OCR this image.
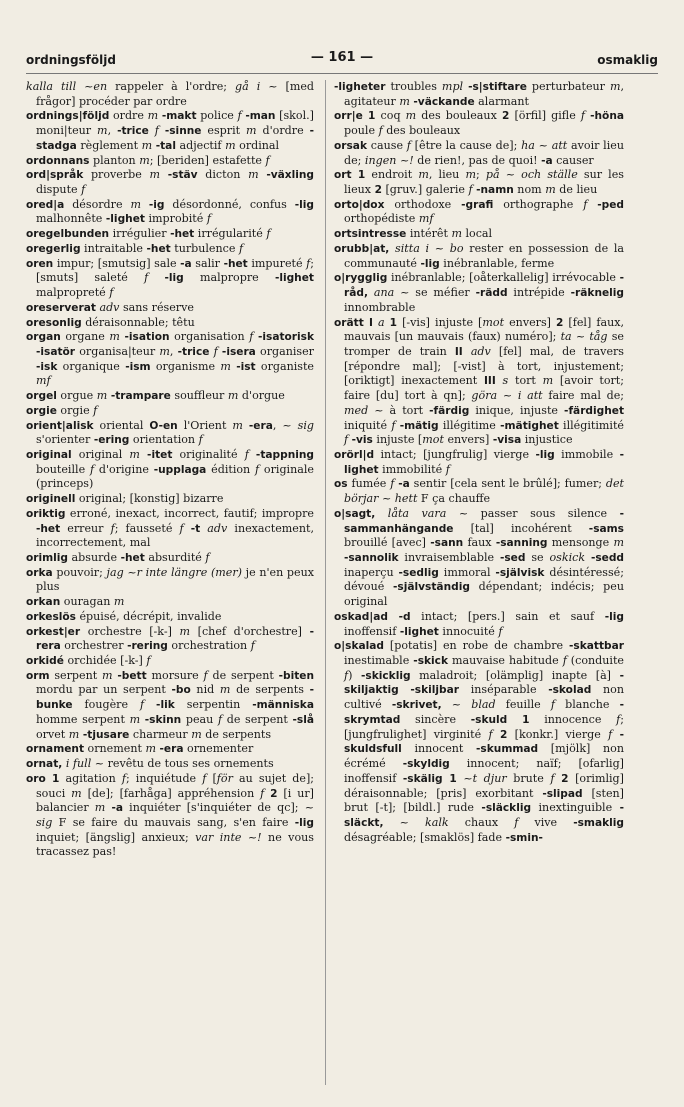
ordningsföljd	— 161 —	osmaklig

kalla till ~en rappeler à l'ordre; gå i ~ [med frågor] procéder par ordre

ordnings|följd ordre m -makt police f -man [skol.] moni|teur m, -trice f -sinne esprit m d'ordre -stadga règlement m -tal adjectif m ordinal

ordonnans planton m; [beriden] estafette f

ord|språk proverbe m -stäv dicton m -växling dispute f

ored|a désordre m -ig désordonné, confus -lig malhonnête -lighet improbité f

oregelbunden irrégulier -het irrégularité f

oregerlig intraitable -het turbulence f

oren impur; [smutsig] sale -a salir -het impureté f; [smuts] saleté f -lig malpropre -lighet malpropreté f

oreserverat adv sans réserve

oresonlig déraisonnable; têtu

organ organe m -isation organisation f -isatorisk -isatör organisa|teur m, -trice f -isera organiser -isk organique -ism organisme m -ist organiste mf

orgel orgue m -trampare souffleur m d'orgue

orgie orgie f

orient|alisk oriental O-en l'Orient m -era, ~ sig s'orienter -ering orientation f

original original m -itet originalité f -tappning bouteille f d'origine -upplaga édition f originale (princeps)

originell original; [konstig] bizarre

oriktig erroné, inexact, incorrect, fautif; impropre -het erreur f; fausseté f -t adv inexactement, incorrectement, mal

orimlig absurde -het absurdité f

orka pouvoir; jag ~r inte längre (mer) je n'en peux plus

orkan ouragan m

orkeslös épuisé, décrépit, invalide

orkest|er orchestre [-k-] m [chef d'orchestre] -rera orchestrer -rering orchestration f

orkidé orchidée [-k-] f

orm serpent m -bett morsure f de serpent -biten mordu par un serpent -bo nid m de serpents -bunke fougère f -lik serpentin -människa homme serpent m -skinn peau f de serpent -slå orvet m -tjusare charmeur m de serpents

ornament ornement m -era ornementer

ornat, i full ~ revêtu de tous ses ornements

oro 1 agitation f; inquiétude f [för au sujet de]; souci m [de]; [farhåga] appréhension f 2 [i ur] balancier m -a inquiéter [s'inquiéter de qc]; ~ sig F se faire du mauvais sang, s'en faire -lig inquiet; [ängslig] anxieux; var inte ~! ne vous tracassez pas!

-ligheter troubles mpl -s|stiftare perturbateur m, agitateur m -väckande alarmant

orr|e 1 coq m des bouleaux 2 [örfil] gifle f -höna poule f des bouleaux

orsak cause f [être la cause de]; ha ~ att avoir lieu de; ingen ~! de rien!, pas de quoi! -a causer

ort 1 endroit m, lieu m; på ~ och ställe sur les lieux 2 [gruv.] galerie f -namn nom m de lieu

orto|dox orthodoxe -grafi orthographe f -ped orthopédiste mf

ortsintresse intérêt m local

orubb|at, sitta i ~ bo rester en possession de la communauté -lig inébranlable, ferme

o|rygglig inébranlable; [oåterkallelig] irrévocable -råd, ana ~ se méfier -rädd intrépide -räknelig innombrable

orätt I a 1 [-vis] injuste [mot envers] 2 [fel] faux, mauvais [un mauvais (faux) numéro]; ta ~ tåg se tromper de train II adv [fel] mal, de travers [répondre mal]; [-vist] à tort, injustement; [oriktigt] inexactement III s tort m [avoir tort; faire [du] tort à qn]; göra ~ i att faire mal de; med ~ à tort -färdig inique, injuste -färdighet iniquité f -mätig illégitime -mätighet illégitimité f -vis injuste [mot envers] -visa injustice

orörl|d intact; [jungfrulig] vierge -lig immobile -lighet immobilité f

os fumée f -a sentir [cela sent le brûlé]; fumer; det börjar ~ hett F ça chauffe

o|sagt, låta vara ~ passer sous silence -sammanhängande [tal] incohérent -sams brouillé [avec] -sann faux -sanning mensonge m -sannolik invraisemblable -sed se oskick -sedd inaperçu -sedlig immoral -självisk désintéressé; dévoué -självständig dépendant; indécis; peu original

oskad|ad -d intact; [pers.] sain et sauf -lig inoffensif -lighet innocuité f

o|skalad [potatis] en robe de chambre -skattbar inestimable -skick mauvaise habitude f (conduite f) -skicklig maladroit; [olämplig] inapte [à] -skiljaktig -skiljbar inséparable -skolad non cultivé -skrivet, ~ blad feuille f blanche -skrymtad sincère -skuld 1 innocence f; [jungfrulighet] virginité f 2 [konkr.] vierge f -skuldsfull innocent -skummad [mjölk] non écrémé -skyldig innocent; naïf; [ofarlig] inoffensif -skälig 1 ~t djur brute f 2 [orimlig] déraisonnable; [pris] exorbitant -slipad [sten] brut [-t]; [bildl.] rude -släcklig inextinguible -släckt, ~ kalk chaux f vive -smaklig désagréable; [smaklös] fade -smin-
